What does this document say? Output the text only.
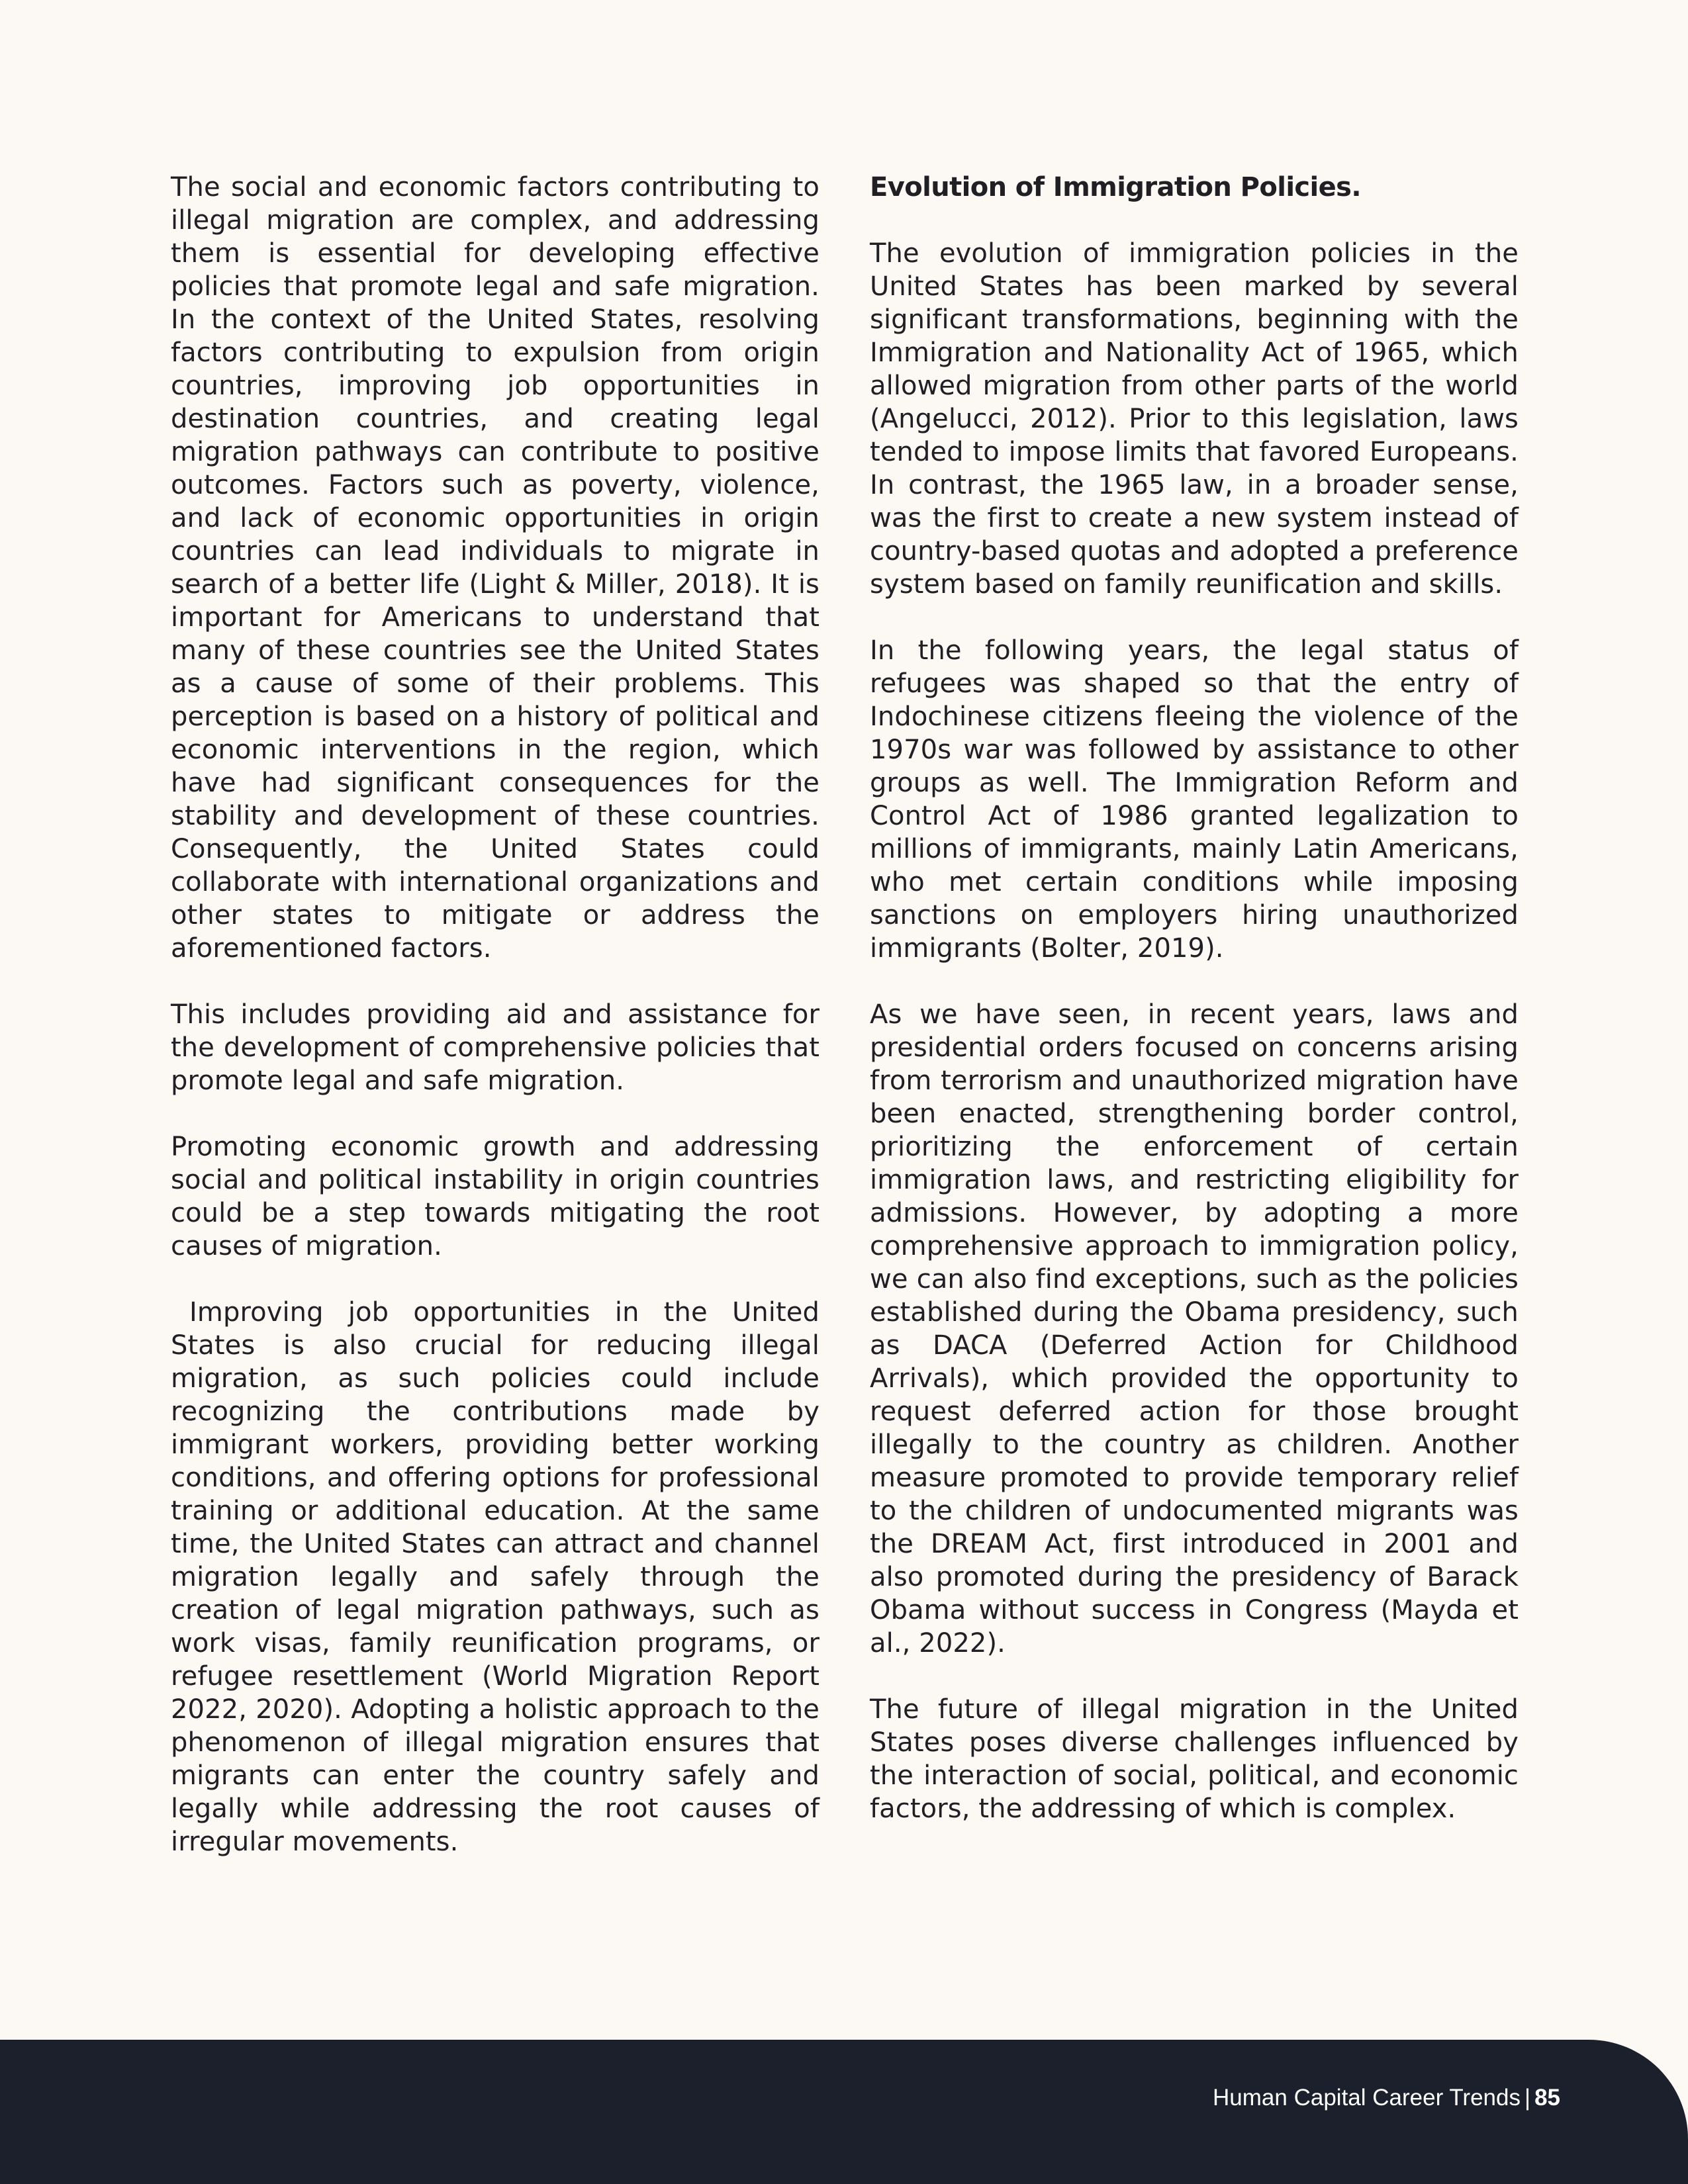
The social and economic factors contributing to illegal migration are complex, and addressing them is essential for developing effective policies that promote legal and safe migration. In the context of the United States, resolving factors contributing to expulsion from origin countries, improving job opportunities in destination countries, and creating legal migration pathways can contribute to positive outcomes. Factors such as poverty, violence, and lack of economic opportunities in origin countries can lead individuals to migrate in search of a better life (Light & Miller, 2018). It is important for Americans to understand that many of these countries see the United States as a cause of some of their problems. This perception is based on a history of political and economic interventions in the region, which have had significant consequences for the stability and development of these countries. Consequently, the United States could collaborate with international organizations and other states to mitigate or address the aforementioned factors.

This includes providing aid and assistance for the development of comprehensive policies that promote legal and safe migration.

Promoting economic growth and addressing social and political instability in origin countries could be a step towards mitigating the root causes of migration.

Improving job opportunities in the United States is also crucial for reducing illegal migration, as such policies could include recognizing the contributions made by immigrant workers, providing better working conditions, and offering options for professional training or additional education. At the same time, the United States can attract and channel migration legally and safely through the creation of legal migration pathways, such as work visas, family reunification programs, or refugee resettlement (World Migration Report 2022, 2020). Adopting a holistic approach to the phenomenon of illegal migration ensures that migrants can enter the country safely and legally while addressing the root causes of irregular movements.

Evolution of Immigration Policies.

The evolution of immigration policies in the United States has been marked by several significant transformations, beginning with the Immigration and Nationality Act of 1965, which allowed migration from other parts of the world (Angelucci, 2012). Prior to this legislation, laws tended to impose limits that favored Europeans. In contrast, the 1965 law, in a broader sense, was the first to create a new system instead of country-based quotas and adopted a preference system based on family reunification and skills.

In the following years, the legal status of refugees was shaped so that the entry of Indochinese citizens fleeing the violence of the 1970s war was followed by assistance to other groups as well. The Immigration Reform and Control Act of 1986 granted legalization to millions of immigrants, mainly Latin Americans, who met certain conditions while imposing sanctions on employers hiring unauthorized immigrants (Bolter, 2019).

As we have seen, in recent years, laws and presidential orders focused on concerns arising from terrorism and unauthorized migration have been enacted, strengthening border control, prioritizing the enforcement of certain immigration laws, and restricting eligibility for admissions. However, by adopting a more comprehensive approach to immigration policy, we can also find exceptions, such as the policies established during the Obama presidency, such as DACA (Deferred Action for Childhood Arrivals), which provided the opportunity to request deferred action for those brought illegally to the country as children. Another measure promoted to provide temporary relief to the children of undocumented migrants was the DREAM Act, first introduced in 2001 and also promoted during the presidency of Barack Obama without success in Congress (Mayda et al., 2022).

The future of illegal migration in the United States poses diverse challenges influenced by the interaction of social, political, and economic factors, the addressing of which is complex.

Human Capital Career Trends | 85
